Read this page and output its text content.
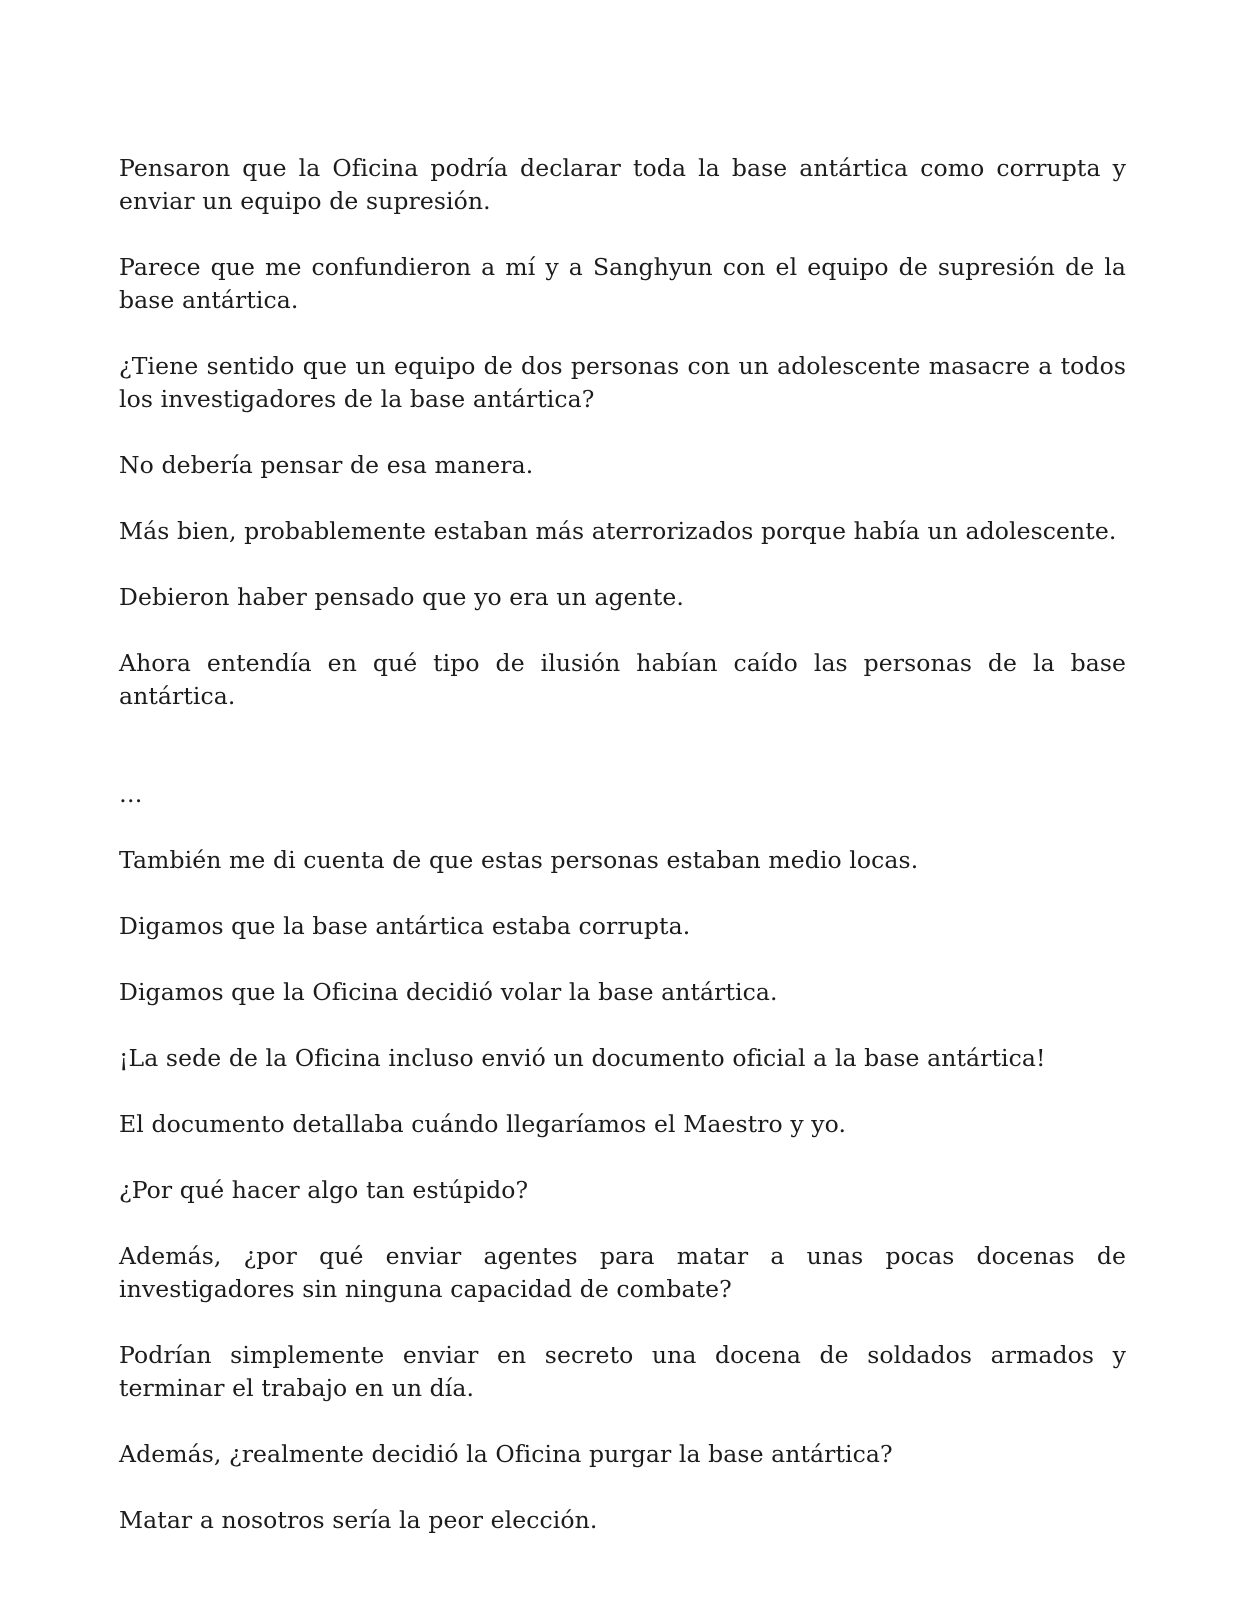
Pensaron que la Oficina podría declarar toda la base antártica como corrupta y enviar un equipo de supresión.

Parece que me confundieron a mí y a Sanghyun con el equipo de supresión de la base antártica.

¿Tiene sentido que un equipo de dos personas con un adolescente masacre a todos los investigadores de la base antártica?

No debería pensar de esa manera.

Más bien, probablemente estaban más aterrorizados porque había un adolescente.

Debieron haber pensado que yo era un agente.

Ahora entendía en qué tipo de ilusión habían caído las personas de la base antártica.

…

También me di cuenta de que estas personas estaban medio locas.

Digamos que la base antártica estaba corrupta.

Digamos que la Oficina decidió volar la base antártica.

¡La sede de la Oficina incluso envió un documento oficial a la base antártica!

El documento detallaba cuándo llegaríamos el Maestro y yo.

¿Por qué hacer algo tan estúpido?

Además, ¿por qué enviar agentes para matar a unas pocas docenas de investigadores sin ninguna capacidad de combate?

Podrían simplemente enviar en secreto una docena de soldados armados y terminar el trabajo en un día.

Además, ¿realmente decidió la Oficina purgar la base antártica?

Matar a nosotros sería la peor elección.
